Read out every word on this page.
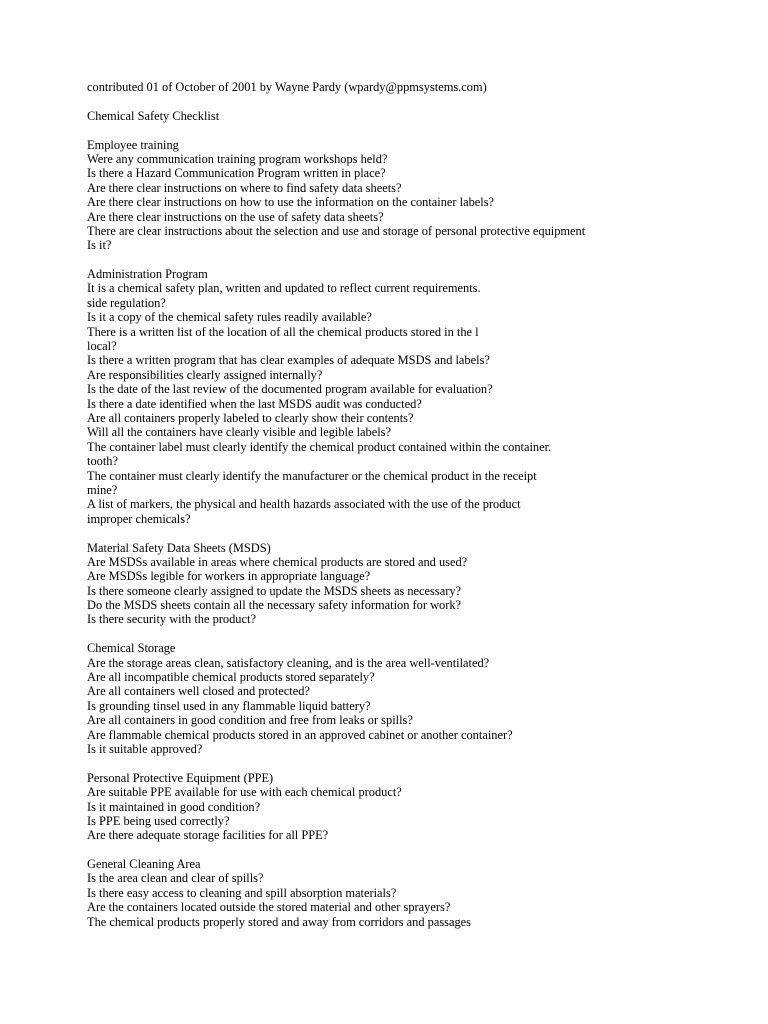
contributed 01 of October of 2001 by Wayne Pardy (wpardy@ppmsystems.com)
Chemical Safety Checklist
Employee training
Were any communication training program workshops held?
Is there a Hazard Communication Program written in place?
Are there clear instructions on where to find safety data sheets?
Are there clear instructions on how to use the information on the container labels?
Are there clear instructions on the use of safety data sheets?
There are clear instructions about the selection and use and storage of personal protective equipment
Is it?
Administration Program
It is a chemical safety plan, written and updated to reflect current requirements.
side regulation?
Is it a copy of the chemical safety rules readily available?
There is a written list of the location of all the chemical products stored in the l
local?
Is there a written program that has clear examples of adequate MSDS and labels?
Are responsibilities clearly assigned internally?
Is the date of the last review of the documented program available for evaluation?
Is there a date identified when the last MSDS audit was conducted?
Are all containers properly labeled to clearly show their contents?
Will all the containers have clearly visible and legible labels?
The container label must clearly identify the chemical product contained within the container.
tooth?
The container must clearly identify the manufacturer or the chemical product in the receipt
mine?
A list of markers, the physical and health hazards associated with the use of the product
improper chemicals?
Material Safety Data Sheets (MSDS)
Are MSDSs available in areas where chemical products are stored and used?
Are MSDSs legible for workers in appropriate language?
Is there someone clearly assigned to update the MSDS sheets as necessary?
Do the MSDS sheets contain all the necessary safety information for work?
Is there security with the product?
Chemical Storage
Are the storage areas clean, satisfactory cleaning, and is the area well-ventilated?
Are all incompatible chemical products stored separately?
Are all containers well closed and protected?
Is grounding tinsel used in any flammable liquid battery?
Are all containers in good condition and free from leaks or spills?
Are flammable chemical products stored in an approved cabinet or another container?
Is it suitable approved?
Personal Protective Equipment (PPE)
Are suitable PPE available for use with each chemical product?
Is it maintained in good condition?
Is PPE being used correctly?
Are there adequate storage facilities for all PPE?
General Cleaning Area
Is the area clean and clear of spills?
Is there easy access to cleaning and spill absorption materials?
Are the containers located outside the stored material and other sprayers?
The chemical products properly stored and away from corridors and passages
